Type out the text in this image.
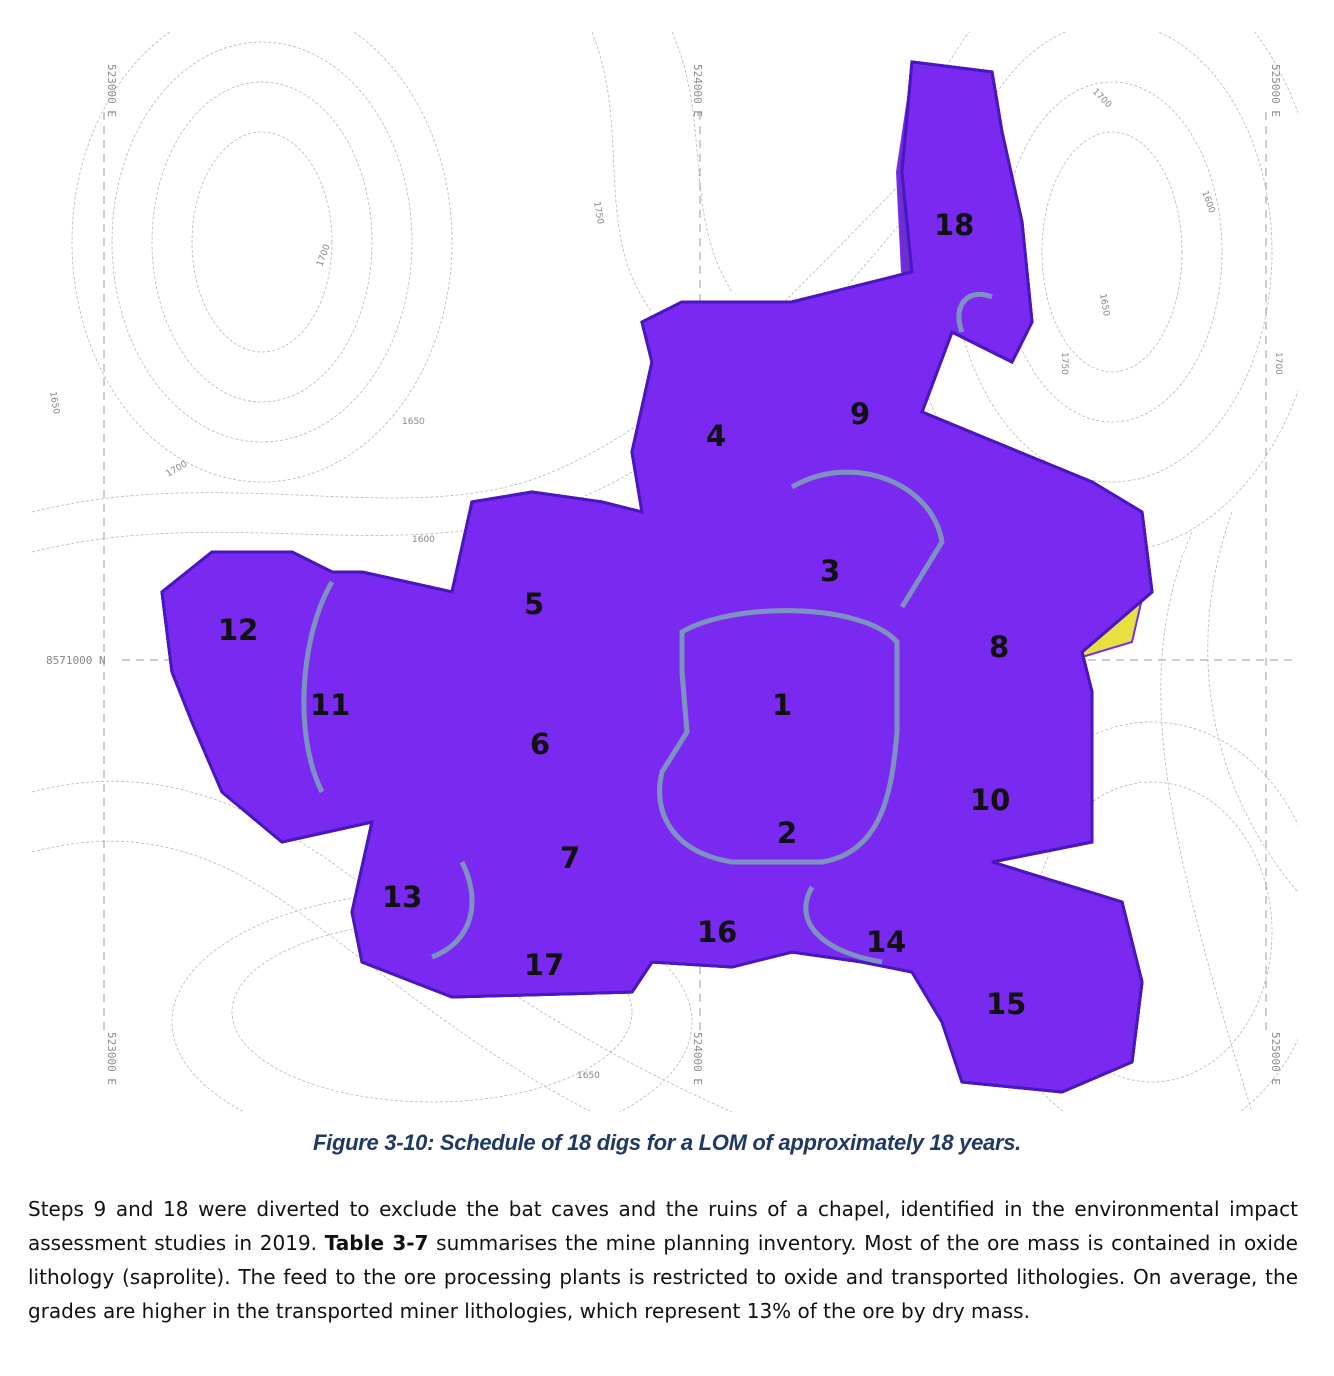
523000 E	524000 E	525000 E
523000 E	524000 E	525000 E
8571000 N
1700
1750
1650
1700
1600
1700
1650
1750
1650
1600
1650
1700
1
2
3
4
5
6
7
8
9
10
11
12
13
14
15
16
17
18
Figure 3-10: Schedule of 18 digs for a LOM of approximately 18 years.

Steps 9 and 18 were diverted to exclude the bat caves and the ruins of a chapel, identified in the environmental impact assessment studies in 2019. Table 3-7 summarises the mine planning inventory. Most of the ore mass is contained in oxide lithology (saprolite). The feed to the ore processing plants is restricted to oxide and transported lithologies. On average, the grades are higher in the transported miner lithologies, which represent 13% of the ore by dry mass.
